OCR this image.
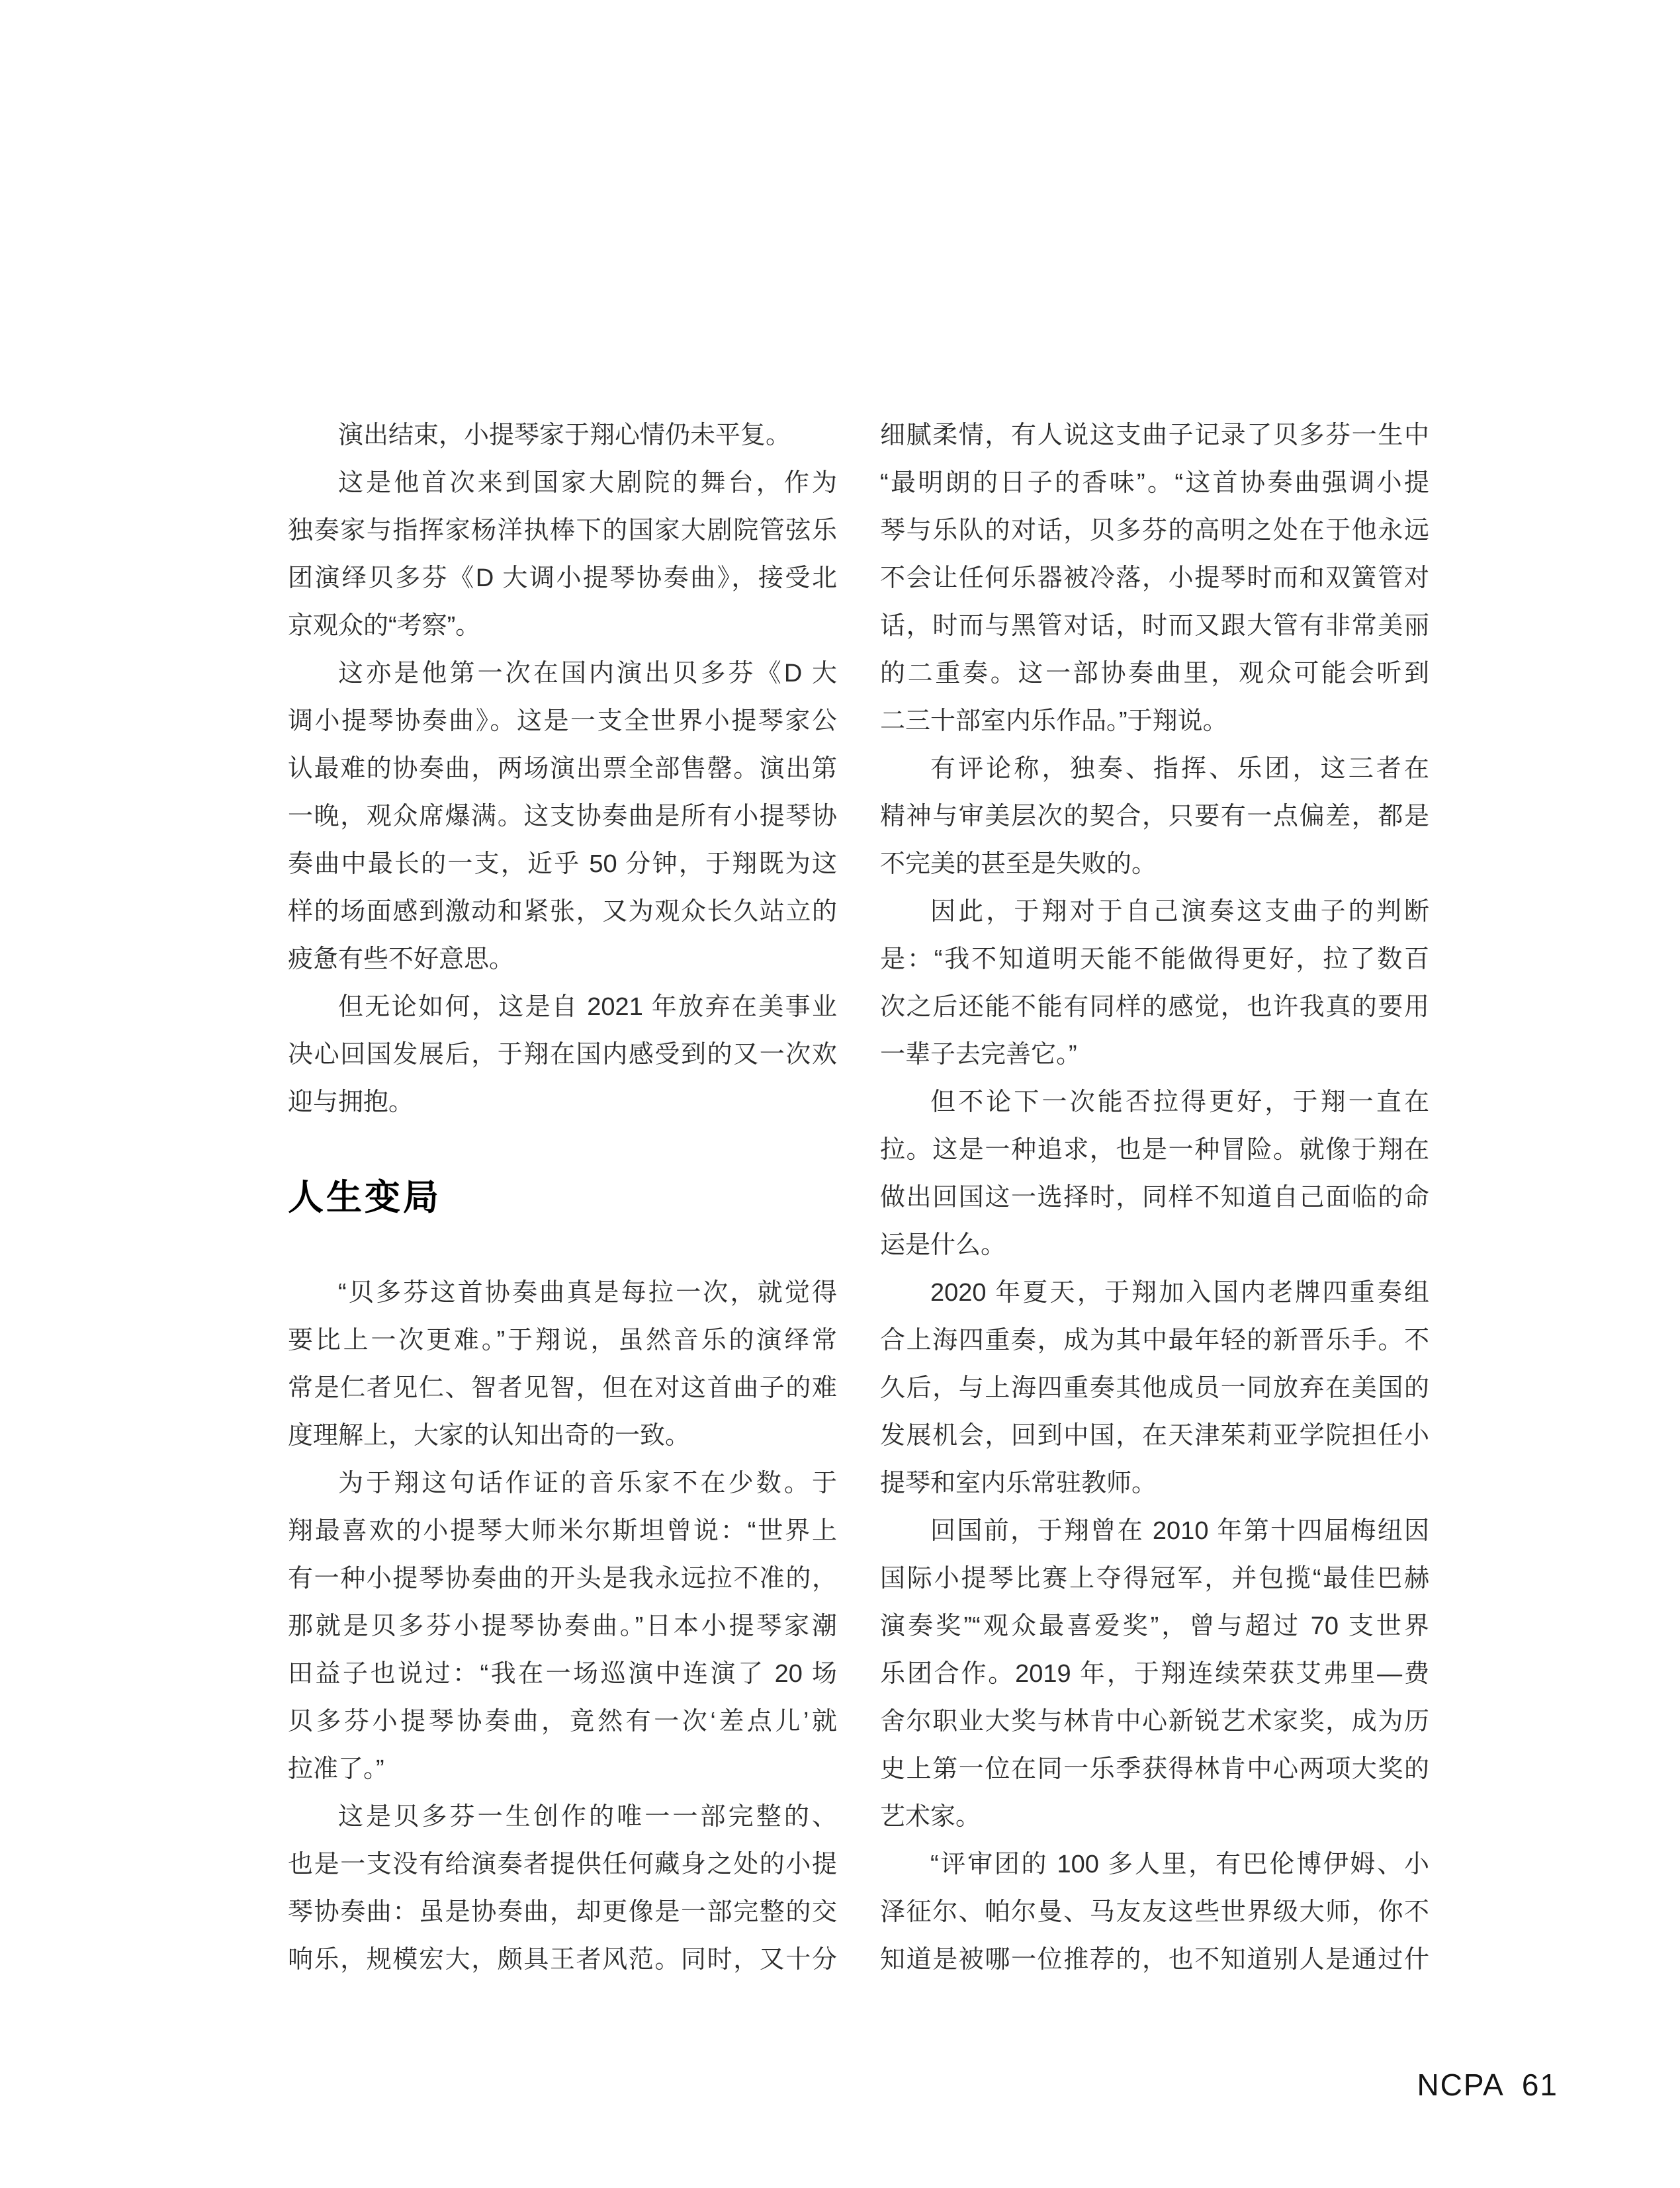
演出结束，小提琴家于翔心情仍未平复。
这是他首次来到国家大剧院的舞台，作为
独奏家与指挥家杨洋执棒下的国家大剧院管弦乐
团演绎贝多芬《D 大调小提琴协奏曲》，接受北
京观众的“考察”。
这亦是他第一次在国内演出贝多芬《D 大
调小提琴协奏曲》。这是一支全世界小提琴家公
认最难的协奏曲，两场演出票全部售罄。演出第
一晚，观众席爆满。这支协奏曲是所有小提琴协
奏曲中最长的一支，近乎 50 分钟，于翔既为这
样的场面感到激动和紧张，又为观众长久站立的
疲惫有些不好意思。
但无论如何，这是自 2021 年放弃在美事业
决心回国发展后，于翔在国内感受到的又一次欢
迎与拥抱。
人生变局
“贝多芬这首协奏曲真是每拉一次，就觉得
要比上一次更难。”于翔说，虽然音乐的演绎常
常是仁者见仁、智者见智，但在对这首曲子的难
度理解上，大家的认知出奇的一致。
为于翔这句话作证的音乐家不在少数。于
翔最喜欢的小提琴大师米尔斯坦曾说：“世界上
有一种小提琴协奏曲的开头是我永远拉不准的，
那就是贝多芬小提琴协奏曲。”日本小提琴家潮
田益子也说过：“我在一场巡演中连演了 20 场
贝多芬小提琴协奏曲，竟然有一次‘差点儿’就
拉准了。”
这是贝多芬一生创作的唯一一部完整的、
也是一支没有给演奏者提供任何藏身之处的小提
琴协奏曲：虽是协奏曲，却更像是一部完整的交
响乐，规模宏大，颇具王者风范。同时，又十分
细腻柔情，有人说这支曲子记录了贝多芬一生中
“最明朗的日子的香味”。“这首协奏曲强调小提
琴与乐队的对话，贝多芬的高明之处在于他永远
不会让任何乐器被冷落，小提琴时而和双簧管对
话，时而与黑管对话，时而又跟大管有非常美丽
的二重奏。这一部协奏曲里，观众可能会听到
二三十部室内乐作品。”于翔说。
有评论称，独奏、指挥、乐团，这三者在
精神与审美层次的契合，只要有一点偏差，都是
不完美的甚至是失败的。
因此，于翔对于自己演奏这支曲子的判断
是：“我不知道明天能不能做得更好，拉了数百
次之后还能不能有同样的感觉，也许我真的要用
一辈子去完善它。”
但不论下一次能否拉得更好，于翔一直在
拉。这是一种追求，也是一种冒险。就像于翔在
做出回国这一选择时，同样不知道自己面临的命
运是什么。
2020 年夏天，于翔加入国内老牌四重奏组
合上海四重奏，成为其中最年轻的新晋乐手。不
久后，与上海四重奏其他成员一同放弃在美国的
发展机会，回到中国，在天津茱莉亚学院担任小
提琴和室内乐常驻教师。
回国前，于翔曾在 2010 年第十四届梅纽因
国际小提琴比赛上夺得冠军，并包揽“最佳巴赫
演奏奖”“观众最喜爱奖”，曾与超过 70 支世界
乐团合作。2019 年，于翔连续荣获艾弗里—费
舍尔职业大奖与林肯中心新锐艺术家奖，成为历
史上第一位在同一乐季获得林肯中心两项大奖的
艺术家。
“评审团的 100 多人里，有巴伦博伊姆、小
泽征尔、帕尔曼、马友友这些世界级大师，你不
知道是被哪一位推荐的，也不知道别人是通过什
NCPA 61
